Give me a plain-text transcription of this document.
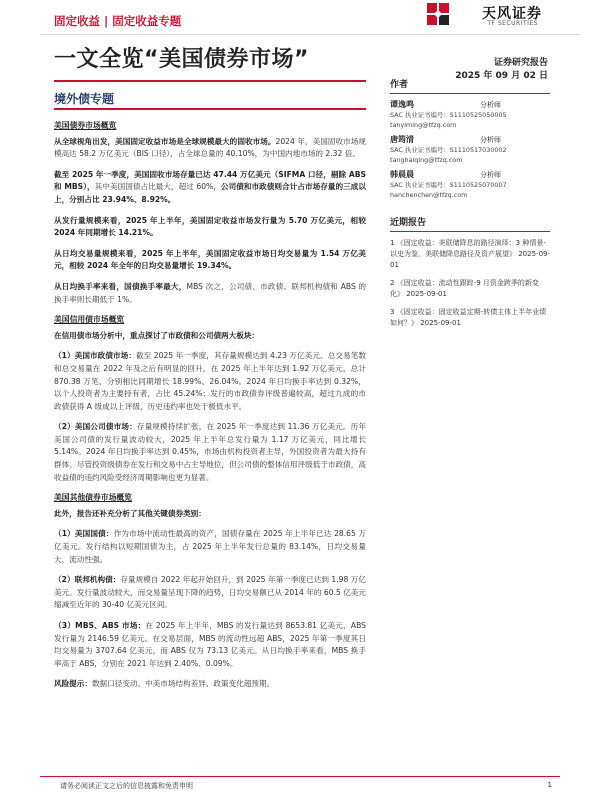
固定收益 | 固定收益专题	天风证券
TF SECURITIES
一文全览“美国债券市场”	证券研究报告
2025 年 09 月 02 日
境外债专题
美国债券市场概览

从全球视角出发，美国固定收益市场是全球规模最大的固收市场。2024 年，美国固收市场规模高达 58.2 万亿美元（BIS 口径），占全球总量的 40.10%，为中国内地市场的 2.32 倍。

截至 2025 年一季度，美国固收市场存量已达 47.44 万亿美元（SIFMA 口径，剔除 ABS 和 MBS），其中美国国债占比最大，超过 60%，公司债和市政债则合计占市场存量的三成以上，分别占比 23.94%、8.92%。

从发行量规模来看，2025 年上半年，美国固定收益市场发行量为 5.70 万亿美元，相较 2024 年同期增长 14.21%。

从日均交易量规模来看，2025 年上半年，美国固定收益市场日均交易量为 1.54 万亿美元，相较 2024 年全年的日均交易量增长 19.34%。

从日均换手率来看，国债换手率最大，MBS 次之，公司债、市政债、联邦机构债和 ABS 的换手率则长期低于 1%。

美国信用债市场概览

在信用债市场分析中，重点探讨了市政债和公司债两大板块：

（1）美国市政债市场：截至 2025 年一季度，其存量规模达到 4.23 万亿美元。总交易笔数和总交易量在 2022 年及之后有明显的回升，在 2025 年上半年达到 1.92 万亿美元，总计 870.38 万笔，分别相比同期增长 18.99%、26.04%。2024 年日均换手率达到 0.32%，以个人投资者为主要持有者，占比 45.24%；发行的市政债券评级普遍较高，超过九成的市政债获得 A 级或以上评级，历史违约率也处于极低水平。

（2）美国公司债市场：存量规模持续扩张，在 2025 年一季度达到 11.36 万亿美元。历年美国公司债的发行量波动较大，2025 年上半年总发行量为 1.17 万亿美元，同比增长 5.14%。2024 年日均换手率达到 0.45%，市场由机构投资者主导，外国投资者为最大持有群体。尽管投资级债券在发行和交易中占主导地位，但公司债的整体信用评级低于市政债，高收益债的违约风险受经济周期影响也更为显著。

美国其他债券市场概览

此外，报告还补充分析了其他关键债券类别：

（1）美国国债：作为市场中流动性最高的资产，国债存量在 2025 年上半年已达 28.65 万亿美元。发行结构以短期国债为主，占 2025 年上半年发行总量的 83.14%，日均交易量大，流动性强。

（2）联邦机构债：存量规模自 2022 年起开始回升，到 2025 年第一季度已达到 1.98 万亿美元。发行量波动较大，而交易量呈现下降的趋势，日均交易额已从 2014 年的 60.5 亿美元缩减至近年的 30-40 亿美元区间。

（3）MBS、ABS 市场：在 2025 年上半年，MBS 的发行量达到 8653.81 亿美元，ABS 发行量为 2146.59 亿美元。在交易层面，MBS 的流动性远超 ABS，2025 年第一季度其日均交易量为 3707.64 亿美元，而 ABS 仅为 73.13 亿美元。从日均换手率来看，MBS 换手率高于 ABS，分别在 2021 年达到 2.40%、0.09%。

风险提示：数据口径变动、中美市场结构差异、政策变化超预期。

作者
谭逸鸣	分析师
SAC 执业证书编号：S1110525050005
tanyiming@tfzq.com
唐筠清	分析师
SAC 执业证书编号：S1110517030002
tanghaiqing@tfzq.com
韩晨晨	分析师
SAC 执业证书编号：S1110525070007
hanchenchen@tfzq.com
近期报告
1 《固定收益：美联储降息的路径演绎：3 种情景-以史为鉴，美联储降息路径及资产展望》 2025-09-01
2 《固定收益：流动性跟踪-9 月资金跨季的新变化》 2025-09-01
3 《固定收益：固定收益定期-转债主体上半年业绩如何？》 2025-09-01
请务必阅读正文之后的信息披露和免责申明	1
